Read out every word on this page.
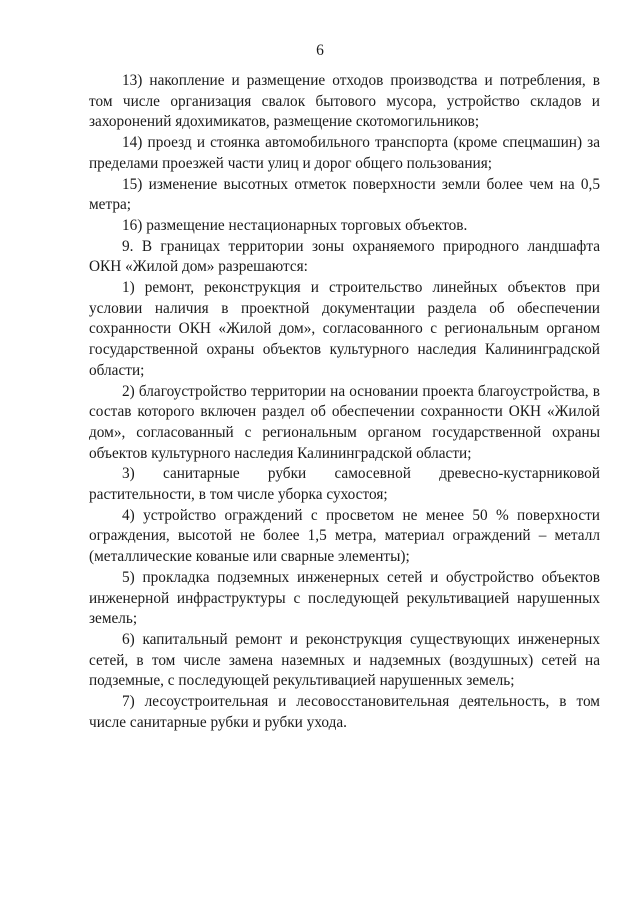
6

13) накопление и размещение отходов производства и потребления, в том числе организация свалок бытового мусора, устройство складов и захоронений ядохимикатов, размещение скотомогильников;

14) проезд и стоянка автомобильного транспорта (кроме спецмашин) за пределами проезжей части улиц и дорог общего пользования;

15) изменение высотных отметок поверхности земли более чем на 0,5 метра;

16) размещение нестационарных торговых объектов.

9. В границах территории зоны охраняемого природного ландшафта ОКН «Жилой дом» разрешаются:

1) ремонт, реконструкция и строительство линейных объектов при условии наличия в проектной документации раздела об обеспечении сохранности ОКН «Жилой дом», согласованного с региональным органом государственной охраны объектов культурного наследия Калининградской области;

2) благоустройство территории на основании проекта благоустройства, в состав которого включен раздел об обеспечении сохранности ОКН «Жилой дом», согласованный с региональным органом государственной охраны объектов культурного наследия Калининградской области;

3) санитарные рубки самосевной древесно-кустарниковой растительности, в том числе уборка сухостоя;

4) устройство ограждений с просветом не менее 50 % поверхности ограждения, высотой не более 1,5 метра, материал ограждений – металл (металлические кованые или сварные элементы);

5) прокладка подземных инженерных сетей и обустройство объектов инженерной инфраструктуры с последующей рекультивацией нарушенных земель;

6) капитальный ремонт и реконструкция существующих инженерных сетей, в том числе замена наземных и надземных (воздушных) сетей на подземные, с последующей рекультивацией нарушенных земель;

7) лесоустроительная и лесовосстановительная деятельность, в том числе санитарные рубки и рубки ухода.
